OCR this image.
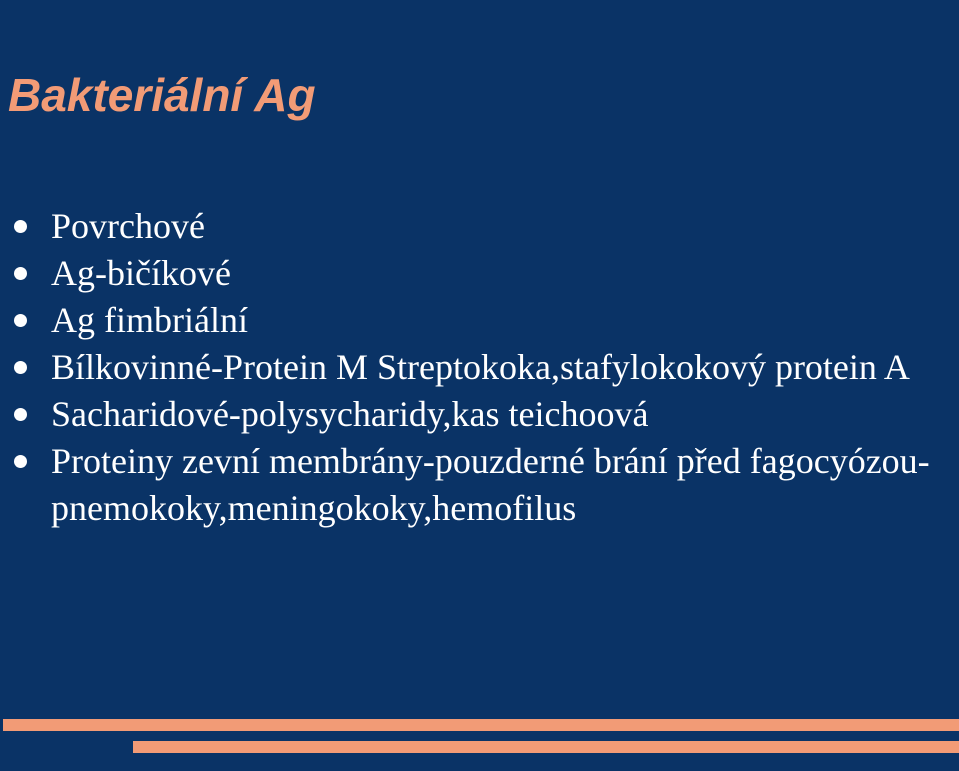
Bakteriální Ag
Povrchové
Ag-bičíkové
Ag fimbriální
Bílkovinné-Protein M Streptokoka,stafylokokový protein A
Sacharidové-polysycharidy,kas teichoová
Proteiny zevní membrány-pouzderné brání před fagocyózou-pnemokoky,meningokoky,hemofilus
